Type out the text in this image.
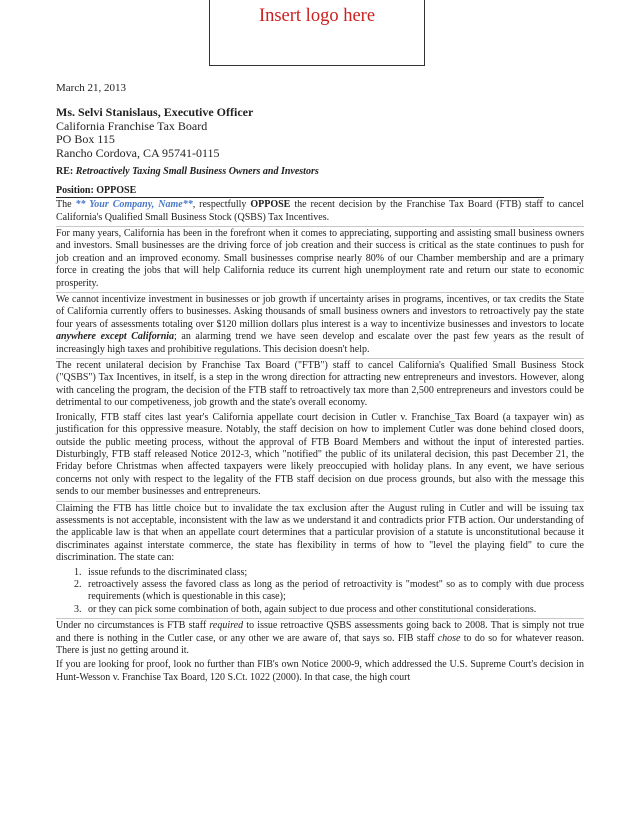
Insert logo here
March 21, 2013
Ms. Selvi Stanislaus, Executive Officer
California Franchise Tax Board
PO Box 115
Rancho Cordova, CA 95741-0115
RE: Retroactively Taxing Small Business Owners and Investors
Position: OPPOSE

The ** Your Company, Name**, respectfully OPPOSE the recent decision by the Franchise Tax Board (FTB) staff to cancel California's Qualified Small Business Stock (QSBS) Tax Incentives.

For many years, California has been in the forefront when it comes to appreciating, supporting and assisting small business owners and investors. Small businesses are the driving force of job creation and their success is critical as the state continues to push for job creation and an improved economy. Small businesses comprise nearly 80% of our Chamber membership and are a primary force in creating the jobs that will help California reduce its current high unemployment rate and return our state to economic prosperity.

We cannot incentivize investment in businesses or job growth if uncertainty arises in programs, incentives, or tax credits the State of California currently offers to businesses. Asking thousands of small business owners and investors to retroactively pay the state four years of assessments totaling over $120 million dollars plus interest is a way to incentivize businesses and investors to locate anywhere except California; an alarming trend we have seen develop and escalate over the past few years as the result of increasingly high taxes and prohibitive regulations. This decision doesn't help.

The recent unilateral decision by Franchise Tax Board ("FTB") staff to cancel California's Qualified Small Business Stock ("QSBS") Tax Incentives, in itself, is a step in the wrong direction for attracting new entrepreneurs and investors. However, along with canceling the program, the decision of the FTB staff to retroactively tax more than 2,500 entrepreneurs and investors could be detrimental to our competiveness, job growth and the state's overall economy.

Ironically, FTB staff cites last year's California appellate court decision in Cutler v. Franchise_Tax Board (a taxpayer win) as justification for this oppressive measure. Notably, the staff decision on how to implement Cutler was done behind closed doors, outside the public meeting process, without the approval of FTB Board Members and without the input of interested parties. Disturbingly, FTB staff released Notice 2012-3, which "notified" the public of its unilateral decision, this past December 21, the Friday before Christmas when affected taxpayers were likely preoccupied with holiday plans. In any event, we have serious concerns not only with respect to the legality of the FTB staff decision on due process grounds, but also with the message this sends to our member businesses and entrepreneurs.

Claiming the FTB has little choice but to invalidate the tax exclusion after the August ruling in Cutler and will be issuing tax assessments is not acceptable, inconsistent with the law as we understand it and contradicts prior FTB action. Our understanding of the applicable law is that when an appellate court determines that a particular provision of a statute is unconstitutional because it discriminates against interstate commerce, the state has flexibility in terms of how to "level the playing field" to cure the discrimination. The state can:

1. issue refunds to the discriminated class;
2. retroactively assess the favored class as long as the period of retroactivity is "modest" so as to comply with due process requirements (which is questionable in this case);
3. or they can pick some combination of both, again subject to due process and other constitutional considerations.

Under no circumstances is FTB staff required to issue retroactive QSBS assessments going back to 2008. That is simply not true and there is nothing in the Cutler case, or any other we are aware of, that says so. FIB staff chose to do so for whatever reason. There is just no getting around it.

If you are looking for proof, look no further than FIB's own Notice 2000-9, which addressed the U.S. Supreme Court's decision in Hunt-Wesson v. Franchise Tax Board, 120 S.Ct. 1022 (2000). In that case, the high court
